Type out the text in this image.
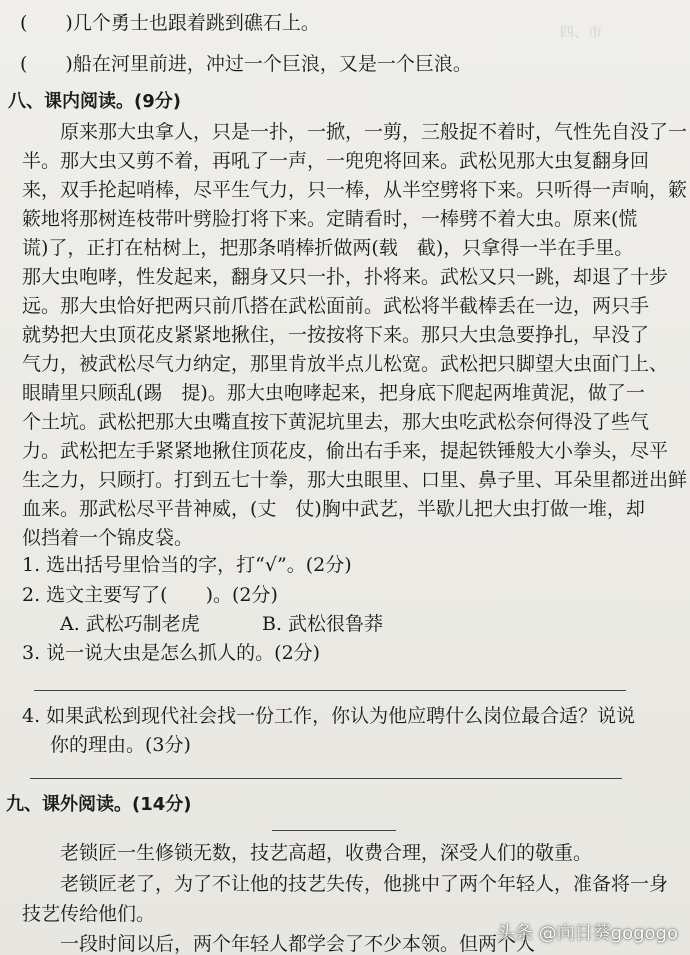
四、市　　　
(　　)几个勇士也跟着跳到礁石上。
(　　)船在河里前进，冲过一个巨浪，又是一个巨浪。
八、课内阅读。(9分)
　　原来那大虫拿人，只是一扑，一掀，一剪，三般捉不着时，气性先自没了一
半。那大虫又剪不着，再吼了一声，一兜兜将回来。武松见那大虫复翻身回
来，双手抡起哨棒，尽平生气力，只一棒，从半空劈将下来。只听得一声响，簌
簌地将那树连枝带叶劈脸打将下来。定睛看时，一棒劈不着大虫。原来(慌
谎)了，正打在枯树上，把那条哨棒折做两(载　截)，只拿得一半在手里。
那大虫咆哮，性发起来，翻身又只一扑，扑将来。武松又只一跳，却退了十步
远。那大虫恰好把两只前爪搭在武松面前。武松将半截棒丢在一边，两只手
就势把大虫顶花皮紧紧地揪住，一按按将下来。那只大虫急要挣扎，早没了
气力，被武松尽气力纳定，那里肯放半点儿松宽。武松把只脚望大虫面门上、
眼睛里只顾乱(踢　提)。那大虫咆哮起来，把身底下爬起两堆黄泥，做了一
个土坑。武松把那大虫嘴直按下黄泥坑里去，那大虫吃武松奈何得没了些气
力。武松把左手紧紧地揪住顶花皮，偷出右手来，提起铁锤般大小拳头，尽平
生之力，只顾打。打到五七十拳，那大虫眼里、口里、鼻子里、耳朵里都迸出鲜
血来。那武松尽平昔神威，(丈　仗)胸中武艺，半歇儿把大虫打做一堆，却
似挡着一个锦皮袋。
1. 选出括号里恰当的字，打“√”。(2分)
2. 选文主要写了(　　)。(2分)
A. 武松巧制老虎	B. 武松很鲁莽
3. 说一说大虫是怎么抓人的。(2分)
4. 如果武松到现代社会找一份工作，你认为他应聘什么岗位最合适？说说
你的理由。(3分)
九、课外阅读。(14分)
　　老锁匠一生修锁无数，技艺高超，收费合理，深受人们的敬重。
　　老锁匠老了，为了不让他的技艺失传，他挑中了两个年轻人，准备将一身
技艺传给他们。
　　一段时间以后，两个年轻人都学会了不少本领。但两个人
头条 @向日葵gogogo
